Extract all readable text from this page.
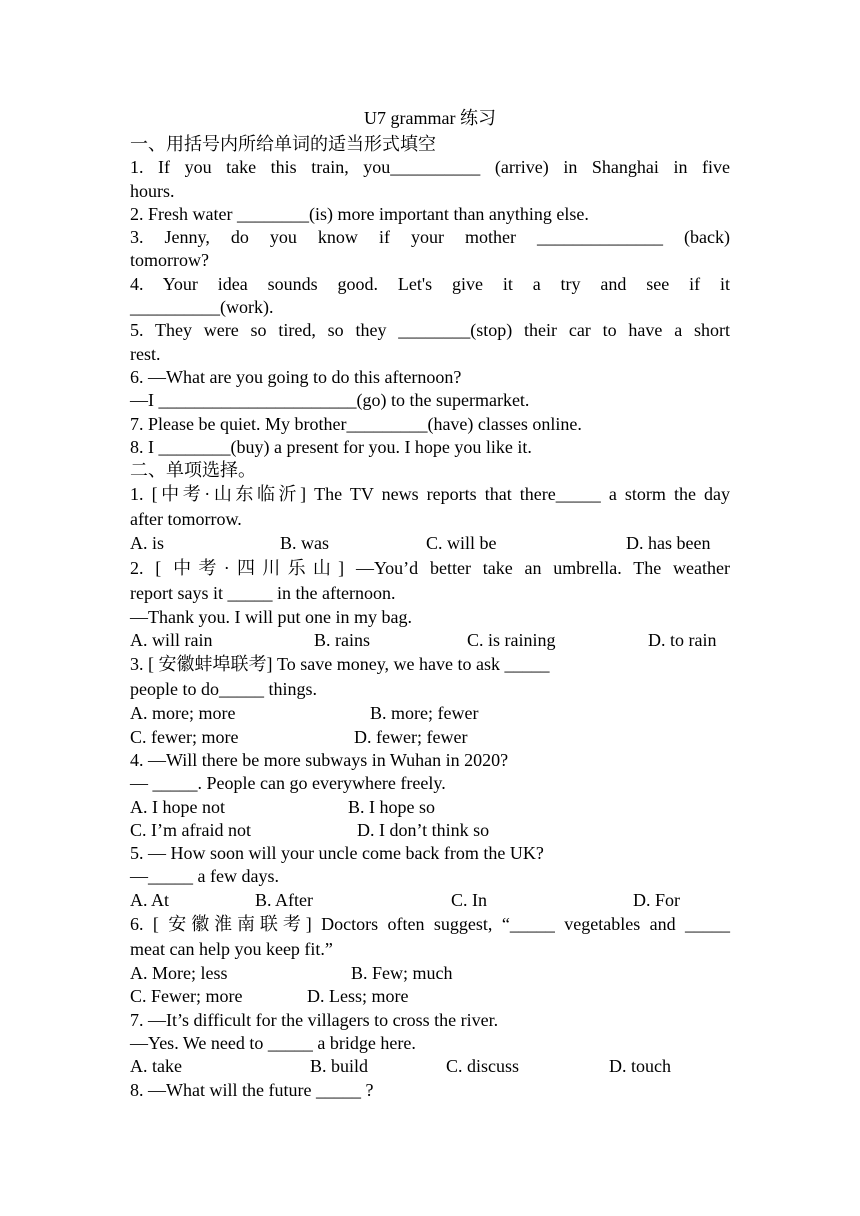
U7 grammar 练习
一、用括号内所给单词的适当形式填空
1. If you take this train, you__________ (arrive) in Shanghai in five
hours.
2. Fresh water ________(is) more important than anything else.
3. Jenny, do you know if your mother ______________ (back)
tomorrow?
4. Your idea sounds good. Let's give it a try and see if it
__________(work).
5. They were so tired, so they ________(stop) their car to have a short
rest.
6. —What are you going to do this afternoon?
—I ______________________(go) to the supermarket.
7. Please be quiet. My brother_________(have) classes online.
8. I ________(buy) a present for you. I hope you like it.
二、单项选择。
1. [中考·山东临沂] The TV news reports that there_____ a storm the day
after tomorrow.
A. is	B. was	C. will be	D. has been
2. [ 中考·四川乐山] —You’d better take an umbrella. The weather
report says it _____ in the afternoon.
—Thank you. I will put one in my bag.
A. will rain	B. rains	C. is raining	D. to rain
3. [ 安徽蚌埠联考] To save money, we have to ask _____
people to do_____ things.
A. more; more	B. more; fewer
C. fewer; more	D. fewer; fewer
4. —Will there be more subways in Wuhan in 2020?
— _____. People can go everywhere freely.
A. I hope not	B. I hope so
C. I’m afraid not	D. I don’t think so
5. — How soon will your uncle come back from the UK?
—_____ a few days.
A. At	B. After	C. In	D. For
6. [ 安徽淮南联考] Doctors often suggest, “_____ vegetables and _____
meat can help you keep fit.”
A. More; less	B. Few; much
C. Fewer; more	D. Less; more
7. —It’s difficult for the villagers to cross the river.
—Yes. We need to _____ a bridge here.
A. take	B. build	C. discuss	D. touch
8. —What will the future _____ ?
